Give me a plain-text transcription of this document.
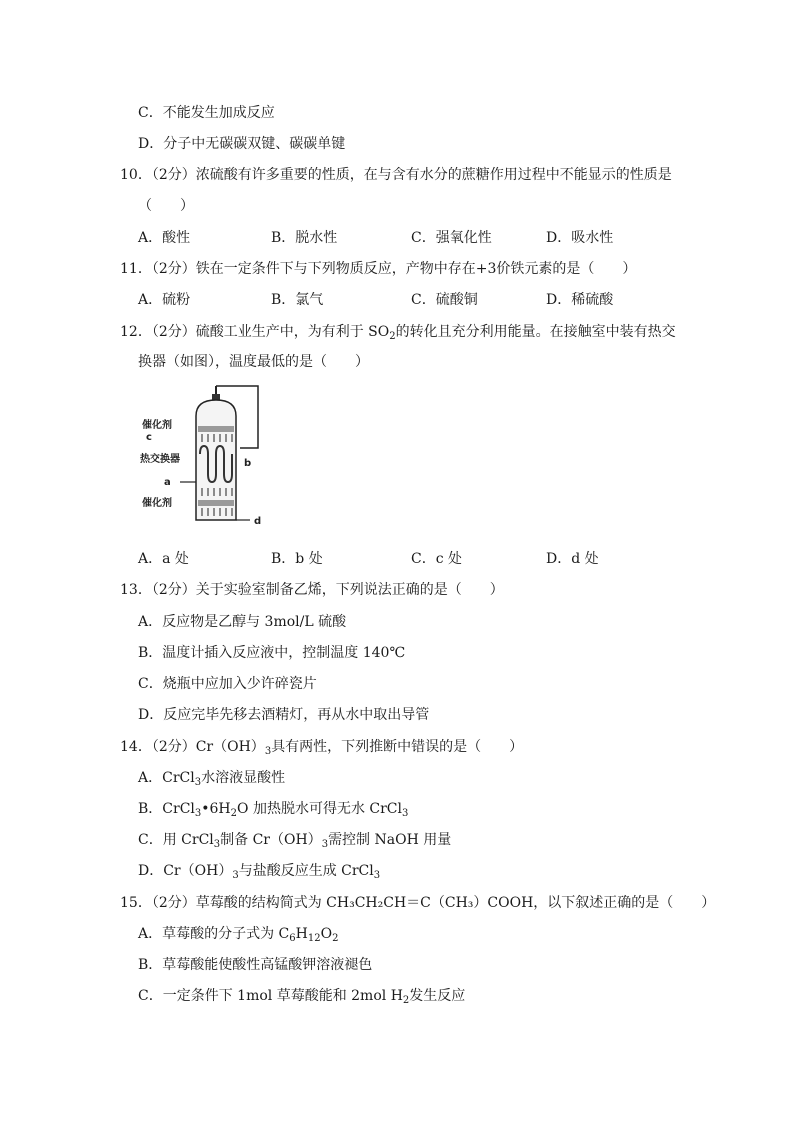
C．不能发生加成反应
D．分子中无碳碳双键、碳碳单键
10．（2分）浓硫酸有许多重要的性质，在与含有水分的蔗糖作用过程中不能显示的性质是
（　　）
A．酸性	B．脱水性	C．强氧化性	D．吸水性
11．（2分）铁在一定条件下与下列物质反应，产物中存在+3价铁元素的是（　　）
A．硫粉	B．氯气	C．硫酸铜	D．稀硫酸
12．（2分）硫酸工业生产中，为有利于 $SO_2$的转化且充分利用能量。在接触室中装有热交
换器（如图），温度最低的是（　　）
催化剂
c
热交换器
a
b
催化剂
d
A．a 处	B．b 处	C．c 处	D．d 处
13．（2分）关于实验室制备乙烯，下列说法正确的是（　　）
A．反应物是乙醇与 3mol/L 硫酸
B．温度计插入反应液中，控制温度 140℃
C．烧瓶中应加入少许碎瓷片
D．反应完毕先移去酒精灯，再从水中取出导管
14．（2分）$Cr(OH)_3$具有两性，下列推断中错误的是（　　）
A．CrCl$_3$水溶液显酸性
B．$CrCl_3•6H_2O$ 加热脱水可得无水 CrCl$_3$
C．用 CrCl$_3$制备 $Cr(OH)_3$需控制 NaOH 用量
D．$Cr(OH)_3$与盐酸反应生成 CrCl$_3$
15．（2分）草莓酸的结构简式为 CH₃CH₂CH＝C（CH₃）COOH，以下叙述正确的是（　　）
A．草莓酸的分子式为 $C_6H_{12}O_2$
B．草莓酸能使酸性高锰酸钾溶液褪色
C．一定条件下 1mol 草莓酸能和 2mol $H_2$发生反应
